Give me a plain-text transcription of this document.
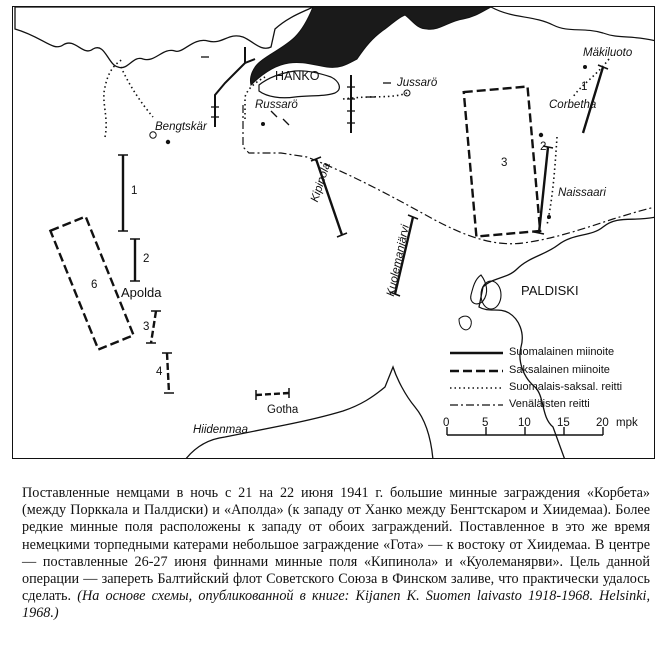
HANKO
Russarö
Jussarö
Mäkiluoto
Corbetha
Bengtskär
Naissaari
PALDISKI
Apolda
Gotha
Hiidenmaa
Kipinola
Kuolemanjärvi
1
2
3
4
6
1
2
3
Suomalainen miinoite
Saksalainen miinoite
Suomalais-saksal. reitti
Venäläisten reitti
0	5	10 15 20 mpk
Поставленные немцами в ночь с 21 на 22 июня 1941 г. большие минные заграждения «Корбета» (между Порккала и Палдиски) и «Аполда» (к западу от Ханко между Бенгтскаром и Хиидемаа). Более редкие минные поля расположены к западу от обоих заграждений. Поставленное в это же время немецкими торпедными катерами небольшое заграждение «Гота» — к востоку от Хиидемаа. В центре — поставленные 26-27 июня финнами минные поля «Кипинола» и «Куолеманярви». Цель данной операции — запереть Балтийский флот Советского Союза в Финском заливе, что практически удалось сделать. (На основе схемы, опубликованной в книге: Kijanen K. Suomen laivasto 1918-1968. Helsinki, 1968.)
